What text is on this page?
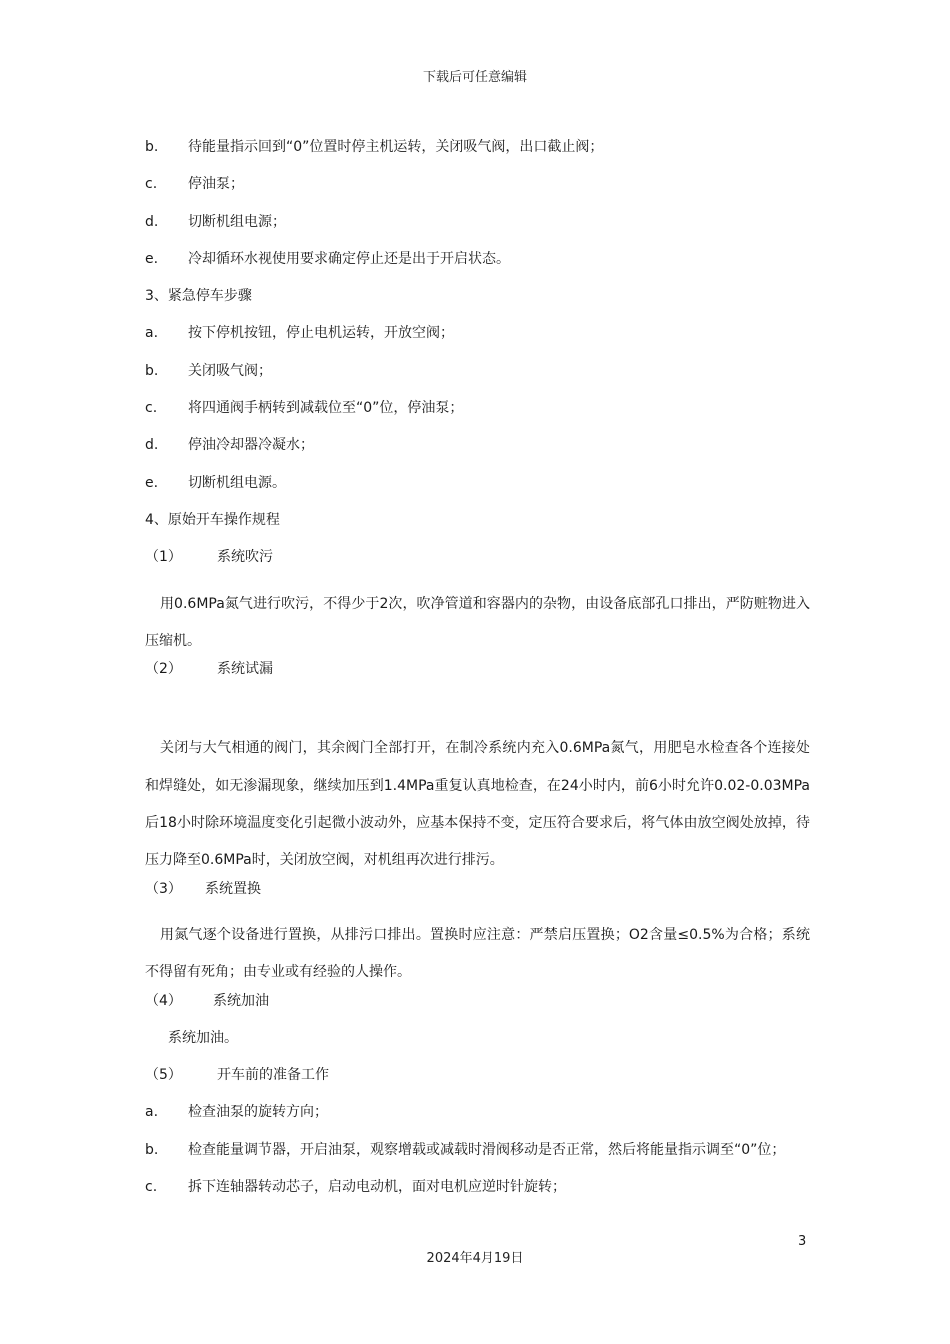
下载后可任意编辑
b. 待能量指示回到“0”位置时停主机运转，关闭吸气阀，出口截止阀；
c. 停油泵；
d. 切断机组电源；
e. 冷却循环水视使用要求确定停止还是出于开启状态。
3、紧急停车步骤
a. 按下停机按钮，停止电机运转，开放空阀；
b. 关闭吸气阀；
c. 将四通阀手柄转到减载位至“0”位，停油泵；
d. 停油冷却器冷凝水；
e. 切断机组电源。
4、原始开车操作规程
（1）	系统吹污
用0.6MPa氮气进行吹污，不得少于2次，吹净管道和容器内的杂物，由设备底部孔口排出，严防赃物进入压缩机。
（2）	系统试漏
关闭与大气相通的阀门，其余阀门全部打开，在制冷系统内充入0.6MPa氮气，用肥皂水检查各个连接处和焊缝处，如无渗漏现象，继续加压到1.4MPa重复认真地检查，在24小时内，前6小时允许0.02-0.03MPa后18小时除环境温度变化引起微小波动外，应基本保持不变，定压符合要求后，将气体由放空阀处放掉，待压力降至0.6MPa时，关闭放空阀，对机组再次进行排污。
（3） 系统置换
用氮气逐个设备进行置换，从排污口排出。置换时应注意：严禁启压置换；O2含量≤0.5%为合格；系统不得留有死角；由专业或有经验的人操作。
（4） 系统加油
系统加油。
（5）	开车前的准备工作
a. 检查油泵的旋转方向；
b. 检查能量调节器，开启油泵，观察增载或减载时滑阀移动是否正常，然后将能量指示调至“0”位；
c. 拆下连轴器转动芯子，启动电动机，面对电机应逆时针旋转；
3
2024年4月19日
